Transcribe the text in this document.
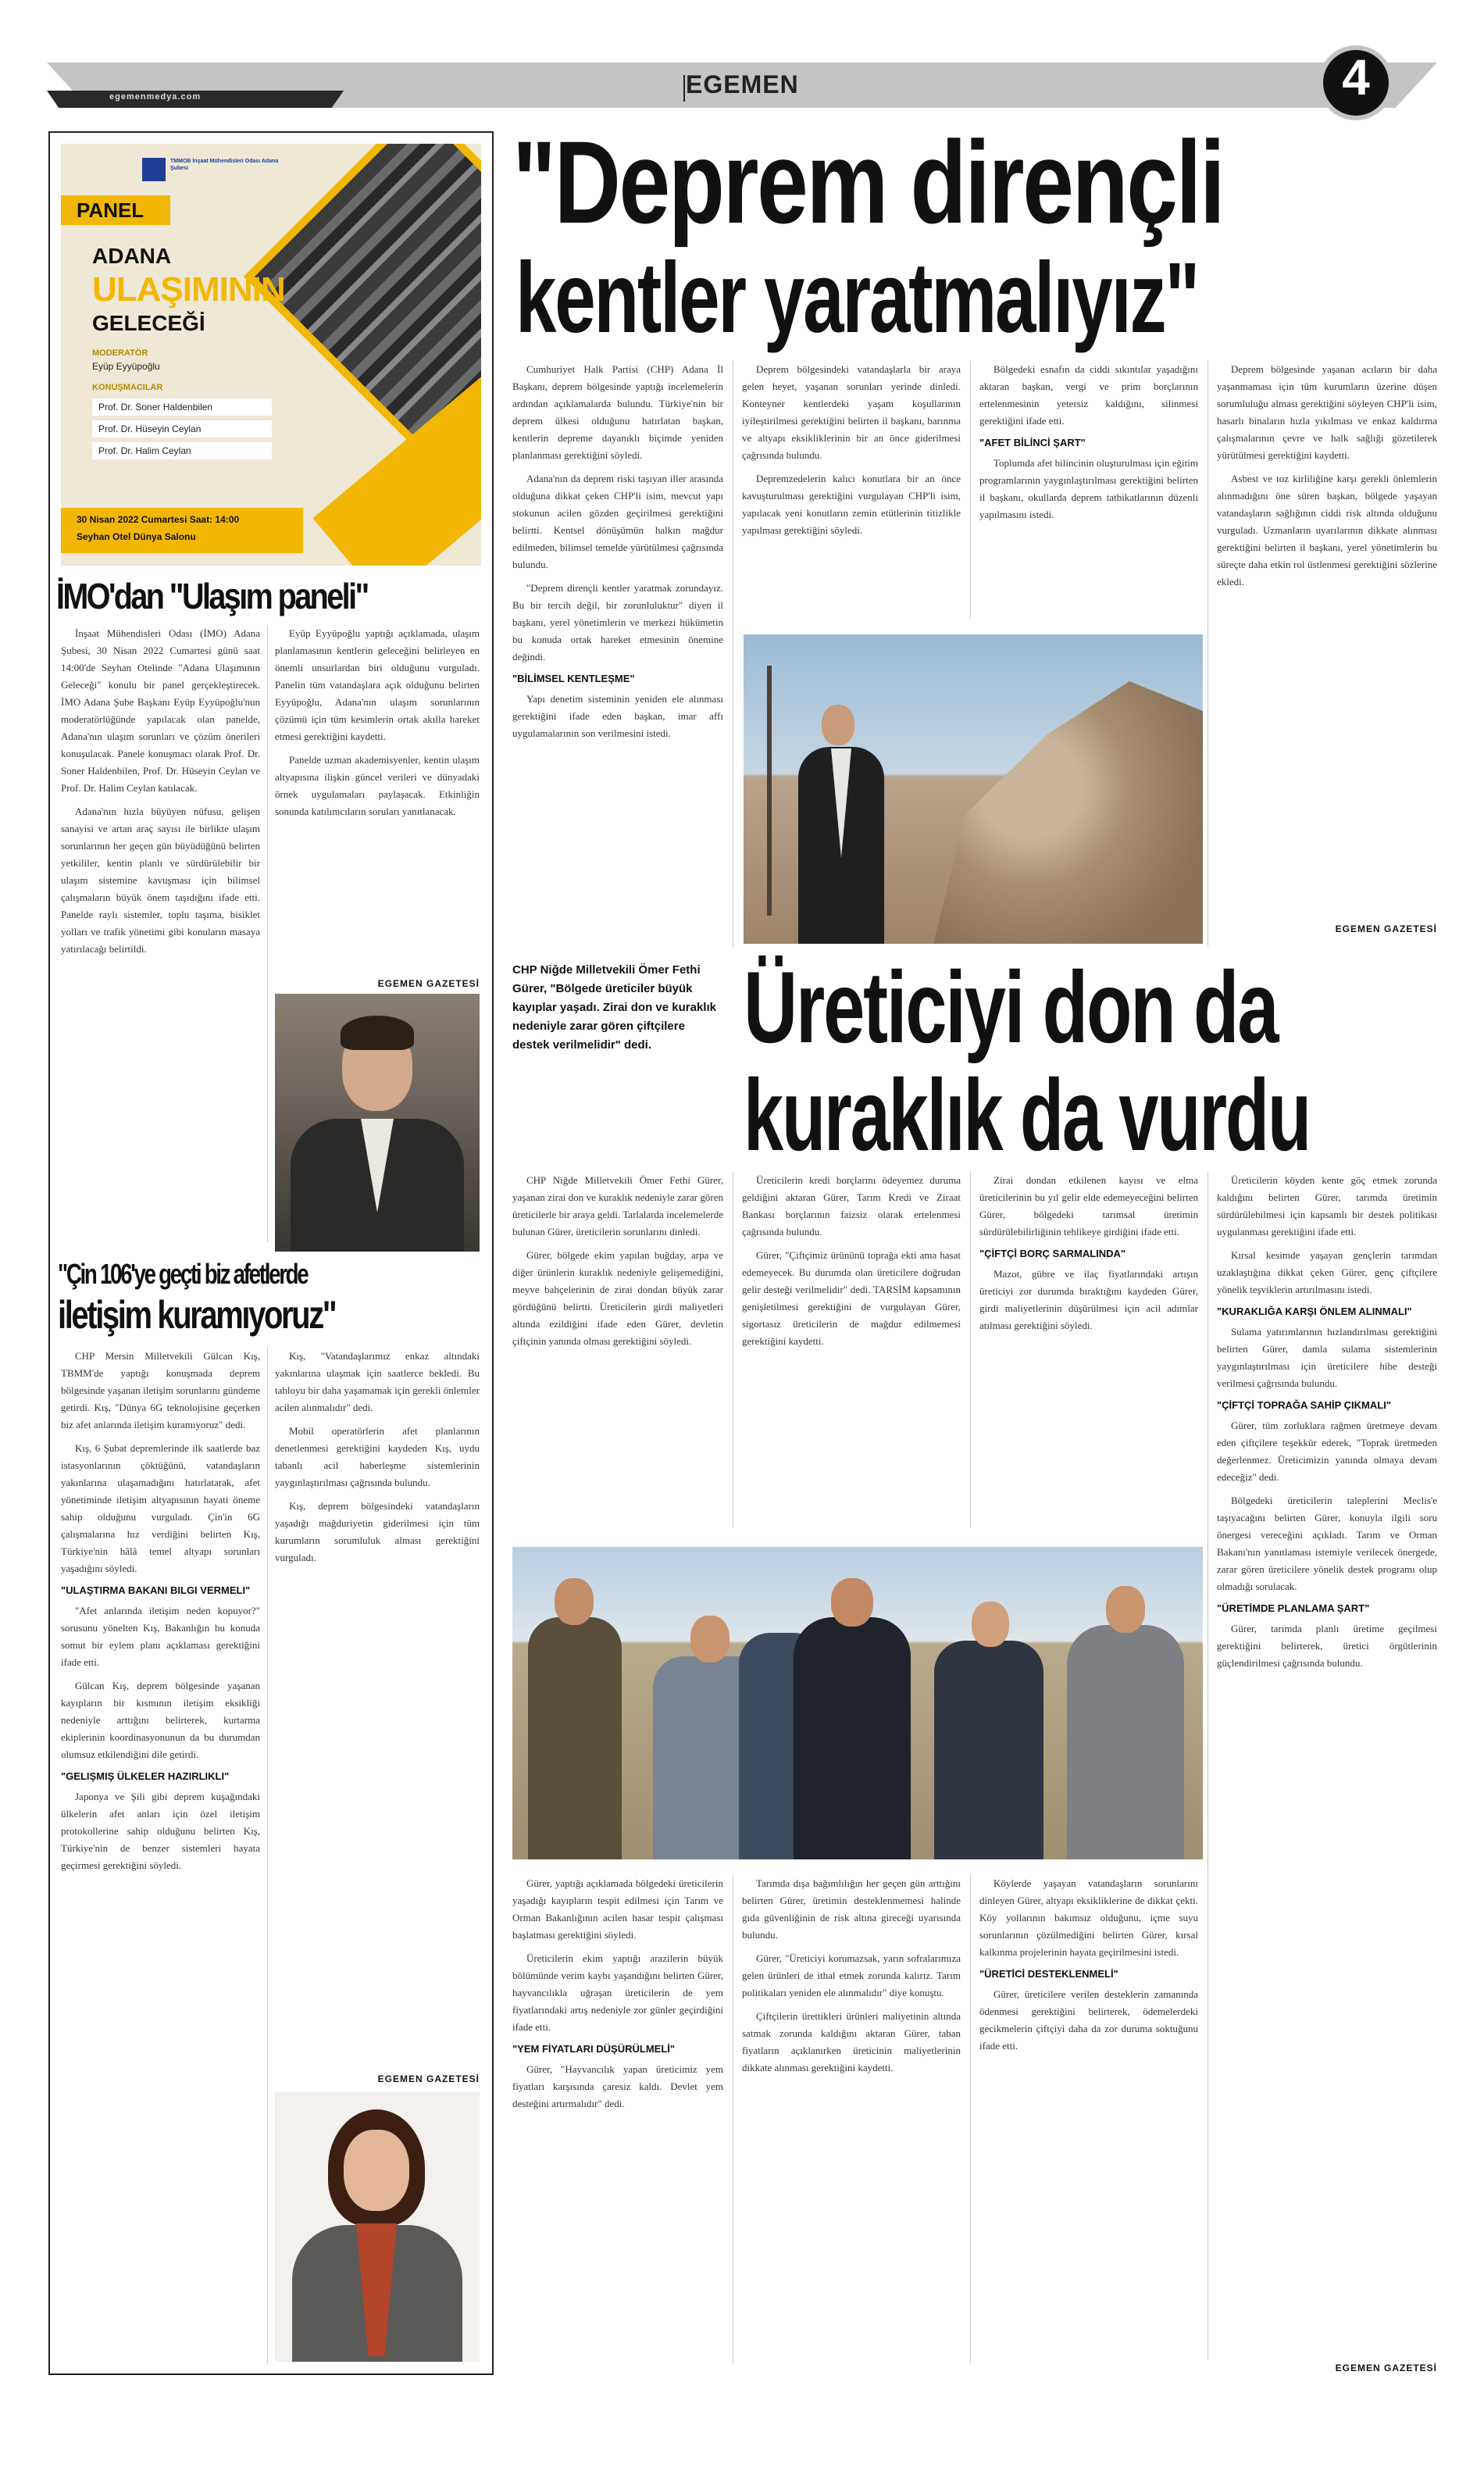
egemenmedya.com	EGEMEN	4
TMMOB İnşaat Mühendisleri Odası Adana Şubesi
PANEL
ADANA
ULAŞIMININ
GELECEĞİ
MODERATÖR
Eyüp Eyyüpoğlu
KONUŞMACILAR
Prof. Dr. Soner Haldenbilen
Prof. Dr. Hüseyin Ceylan
Prof. Dr. Halim Ceylan
30 Nisan 2022 Cumartesi Saat: 14:00
Seyhan Otel Dünya Salonu
İMO'dan "Ulaşım paneli"

İnşaat Mühendisleri Odası (İMO) Adana Şubesi, 30 Nisan 2022 Cumartesi günü saat 14:00'de Seyhan Otelinde "Adana Ulaşımının Geleceği" konulu bir panel gerçekleştirecek. İMO Adana Şube Başkanı Eyüp Eyyüpoğlu'nun moderatörlüğünde yapılacak olan panelde, Adana'nın ulaşım sorunları ve çözüm önerileri konuşulacak. Panele konuşmacı olarak Prof. Dr. Soner Haldenbilen, Prof. Dr. Hüseyin Ceylan ve Prof. Dr. Halim Ceylan katılacak.

Adana'nın hızla büyüyen nüfusu, gelişen sanayisi ve artan araç sayısı ile birlikte ulaşım sorunlarının her geçen gün büyüdüğünü belirten yetkililer, kentin planlı ve sürdürülebilir bir ulaşım sistemine kavuşması için bilimsel çalışmaların büyük önem taşıdığını ifade etti. Panelde raylı sistemler, toplu taşıma, bisiklet yolları ve trafik yönetimi gibi konuların masaya yatırılacağı belirtildi.

Eyüp Eyyüpoğlu yaptığı açıklamada, ulaşım planlamasının kentlerin geleceğini belirleyen en önemli unsurlardan biri olduğunu vurguladı. Panelin tüm vatandaşlara açık olduğunu belirten Eyyüpoğlu, Adana'nın ulaşım sorunlarının çözümü için tüm kesimlerin ortak akılla hareket etmesi gerektiğini kaydetti.

Panelde uzman akademisyenler, kentin ulaşım altyapısına ilişkin güncel verileri ve dünyadaki örnek uygulamaları paylaşacak. Etkinliğin sonunda katılımcıların soruları yanıtlanacak.

EGEMEN GAZETESİ
"Çin 106'ye geçti biz afetlerde
iletişim kuramıyoruz"

CHP Mersin Milletvekili Gülcan Kış, TBMM'de yaptığı konuşmada deprem bölgesinde yaşanan iletişim sorunlarını gündeme getirdi. Kış, "Dünya 6G teknolojisine geçerken biz afet anlarında iletişim kuramıyoruz" dedi.

Kış, 6 Şubat depremlerinde ilk saatlerde baz istasyonlarının çöktüğünü, vatandaşların yakınlarına ulaşamadığını hatırlatarak, afet yönetiminde iletişim altyapısının hayati öneme sahip olduğunu vurguladı. Çin'in 6G çalışmalarına hız verdiğini belirten Kış, Türkiye'nin hâlâ temel altyapı sorunları yaşadığını söyledi.

"ULAŞTIRMA BAKANI BILGI VERMELI"

"Afet anlarında iletişim neden kopuyor?" sorusunu yönelten Kış, Bakanlığın bu konuda somut bir eylem planı açıklaması gerektiğini ifade etti.

Gülcan Kış, deprem bölgesinde yaşanan kayıpların bir kısmının iletişim eksikliği nedeniyle arttığını belirterek, kurtarma ekiplerinin koordinasyonunun da bu durumdan olumsuz etkilendiğini dile getirdi.

"GELIŞMIŞ ÜLKELER HAZIRLIKLI"

Japonya ve Şili gibi deprem kuşağındaki ülkelerin afet anları için özel iletişim protokollerine sahip olduğunu belirten Kış, Türkiye'nin de benzer sistemleri hayata geçirmesi gerektiğini söyledi.

Kış, "Vatandaşlarımız enkaz altındaki yakınlarına ulaşmak için saatlerce bekledi. Bu tabloyu bir daha yaşamamak için gerekli önlemler acilen alınmalıdır" dedi.

Mobil operatörlerin afet planlarının denetlenmesi gerektiğini kaydeden Kış, uydu tabanlı acil haberleşme sistemlerinin yaygınlaştırılması çağrısında bulundu.

Kış, deprem bölgesindeki vatandaşların yaşadığı mağduriyetin giderilmesi için tüm kurumların sorumluluk alması gerektiğini vurguladı.

EGEMEN GAZETESİ
"Deprem dirençli
kentler yaratmalıyız"

Cumhuriyet Halk Partisi (CHP) Adana İl Başkanı, deprem bölgesinde yaptığı incelemelerin ardından açıklamalarda bulundu. Türkiye'nin bir deprem ülkesi olduğunu hatırlatan başkan, kentlerin depreme dayanıklı biçimde yeniden planlanması gerektiğini söyledi.

Adana'nın da deprem riski taşıyan iller arasında olduğuna dikkat çeken CHP'li isim, mevcut yapı stokunun acilen gözden geçirilmesi gerektiğini belirtti. Kentsel dönüşümün halkın mağdur edilmeden, bilimsel temelde yürütülmesi çağrısında bulundu.

"Deprem dirençli kentler yaratmak zorundayız. Bu bir tercih değil, bir zorunluluktur" diyen il başkanı, yerel yönetimlerin ve merkezi hükümetin bu konuda ortak hareket etmesinin önemine değindi.

"BİLİMSEL KENTLEŞME"

Yapı denetim sisteminin yeniden ele alınması gerektiğini ifade eden başkan, imar affı uygulamalarının son verilmesini istedi.

Deprem bölgesindeki vatandaşlarla bir araya gelen heyet, yaşanan sorunları yerinde dinledi. Konteyner kentlerdeki yaşam koşullarının iyileştirilmesi gerektiğini belirten il başkanı, barınma ve altyapı eksikliklerinin bir an önce giderilmesi çağrısında bulundu.

Depremzedelerin kalıcı konutlara bir an önce kavuşturulması gerektiğini vurgulayan CHP'li isim, yapılacak yeni konutların zemin etütlerinin titizlikle yapılması gerektiğini söyledi.

Bölgedeki esnafın da ciddi sıkıntılar yaşadığını aktaran başkan, vergi ve prim borçlarının ertelenmesinin yetersiz kaldığını, silinmesi gerektiğini ifade etti.

"AFET BİLİNCİ ŞART"

Toplumda afet bilincinin oluşturulması için eğitim programlarının yaygınlaştırılması gerektiğini belirten il başkanı, okullarda deprem tatbikatlarının düzenli yapılmasını istedi.

Deprem bölgesinde yaşanan acıların bir daha yaşanmaması için tüm kurumların üzerine düşen sorumluluğu alması gerektiğini söyleyen CHP'li isim, hasarlı binaların hızla yıkılması ve enkaz kaldırma çalışmalarının çevre ve halk sağlığı gözetilerek yürütülmesi gerektiğini kaydetti.

Asbest ve toz kirliliğine karşı gerekli önlemlerin alınmadığını öne süren başkan, bölgede yaşayan vatandaşların sağlığının ciddi risk altında olduğunu vurguladı. Uzmanların uyarılarının dikkate alınması gerektiğini belirten il başkanı, yerel yönetimlerin bu süreçte daha etkin rol üstlenmesi gerektiğini sözlerine ekledi.

EGEMEN GAZETESİ
CHP Niğde Milletvekili Ömer Fethi Gürer, "Bölgede üreticiler büyük kayıplar yaşadı. Zirai don ve kuraklık nedeniyle zarar gören çiftçilere destek verilmelidir" dedi. Üreticiyi don da
kuraklık da vurdu

CHP Niğde Milletvekili Ömer Fethi Gürer, yaşanan zirai don ve kuraklık nedeniyle zarar gören üreticilerle bir araya geldi. Tarlalarda incelemelerde bulunan Gürer, üreticilerin sorunlarını dinledi.

Gürer, bölgede ekim yapılan buğday, arpa ve diğer ürünlerin kuraklık nedeniyle gelişemediğini, meyve bahçelerinin de zirai dondan büyük zarar gördüğünü belirtti. Üreticilerin girdi maliyetleri altında ezildiğini ifade eden Gürer, devletin çiftçinin yanında olması gerektiğini söyledi.

Üreticilerin kredi borçlarını ödeyemez duruma geldiğini aktaran Gürer, Tarım Kredi ve Ziraat Bankası borçlarının faizsiz olarak ertelenmesi çağrısında bulundu.

Gürer, "Çiftçimiz ürününü toprağa ekti ama hasat edemeyecek. Bu durumda olan üreticilere doğrudan gelir desteği verilmelidir" dedi. TARSİM kapsamının genişletilmesi gerektiğini de vurgulayan Gürer, sigortasız üreticilerin de mağdur edilmemesi gerektiğini kaydetti.

Zirai dondan etkilenen kayısı ve elma üreticilerinin bu yıl gelir elde edemeyeceğini belirten Gürer, bölgedeki tarımsal üretimin sürdürülebilirliğinin tehlikeye girdiğini ifade etti.

"ÇİFTÇİ BORÇ SARMALINDA"

Mazot, gübre ve ilaç fiyatlarındaki artışın üreticiyi zor durumda bıraktığını kaydeden Gürer, girdi maliyetlerinin düşürülmesi için acil adımlar atılması gerektiğini söyledi.

Üreticilerin köyden kente göç etmek zorunda kaldığını belirten Gürer, tarımda üretimin sürdürülebilmesi için kapsamlı bir destek politikası uygulanması gerektiğini ifade etti.

Kırsal kesimde yaşayan gençlerin tarımdan uzaklaştığına dikkat çeken Gürer, genç çiftçilere yönelik teşviklerin artırılmasını istedi.

"KURAKLIĞA KARŞI ÖNLEM ALINMALI"

Sulama yatırımlarının hızlandırılması gerektiğini belirten Gürer, damla sulama sistemlerinin yaygınlaştırılması için üreticilere hibe desteği verilmesi çağrısında bulundu.

"ÇİFTÇİ TOPRAĞA SAHİP ÇIKMALI"

Gürer, tüm zorluklara rağmen üretmeye devam eden çiftçilere teşekkür ederek, "Toprak üretmeden değerlenmez. Üreticimizin yanında olmaya devam edeceğiz" dedi.

Bölgedeki üreticilerin taleplerini Meclis'e taşıyacağını belirten Gürer, konuyla ilgili soru önergesi vereceğini açıkladı. Tarım ve Orman Bakanı'nın yanıtlaması istemiyle verilecek önergede, zarar gören üreticilere yönelik destek programı olup olmadığı sorulacak.

"ÜRETİMDE PLANLAMA ŞART"

Gürer, tarımda planlı üretime geçilmesi gerektiğini belirterek, üretici örgütlerinin güçlendirilmesi çağrısında bulundu.

Gürer, yaptığı açıklamada bölgedeki üreticilerin yaşadığı kayıpların tespit edilmesi için Tarım ve Orman Bakanlığının acilen hasar tespit çalışması başlatması gerektiğini söyledi.

Üreticilerin ekim yaptığı arazilerin büyük bölümünde verim kaybı yaşandığını belirten Gürer, hayvancılıkla uğraşan üreticilerin de yem fiyatlarındaki artış nedeniyle zor günler geçirdiğini ifade etti.

"YEM FİYATLARI DÜŞÜRÜLMELİ"

Gürer, "Hayvancılık yapan üreticimiz yem fiyatları karşısında çaresiz kaldı. Devlet yem desteğini artırmalıdır" dedi.

Tarımda dışa bağımlılığın her geçen gün arttığını belirten Gürer, üretimin desteklenmemesi halinde gıda güvenliğinin de risk altına gireceği uyarısında bulundu.

Gürer, "Üreticiyi korumazsak, yarın sofralarımıza gelen ürünleri de ithal etmek zorunda kalırız. Tarım politikaları yeniden ele alınmalıdır" diye konuştu.

Çiftçilerin ürettikleri ürünleri maliyetinin altında satmak zorunda kaldığını aktaran Gürer, taban fiyatların açıklanırken üreticinin maliyetlerinin dikkate alınması gerektiğini kaydetti.

Köylerde yaşayan vatandaşların sorunlarını dinleyen Gürer, altyapı eksikliklerine de dikkat çekti. Köy yollarının bakımsız olduğunu, içme suyu sorunlarının çözülmediğini belirten Gürer, kırsal kalkınma projelerinin hayata geçirilmesini istedi.

"ÜRETİCİ DESTEKLENMELİ"

Gürer, üreticilere verilen desteklerin zamanında ödenmesi gerektiğini belirterek, ödemelerdeki gecikmelerin çiftçiyi daha da zor duruma soktuğunu ifade etti.

EGEMEN GAZETESİ
